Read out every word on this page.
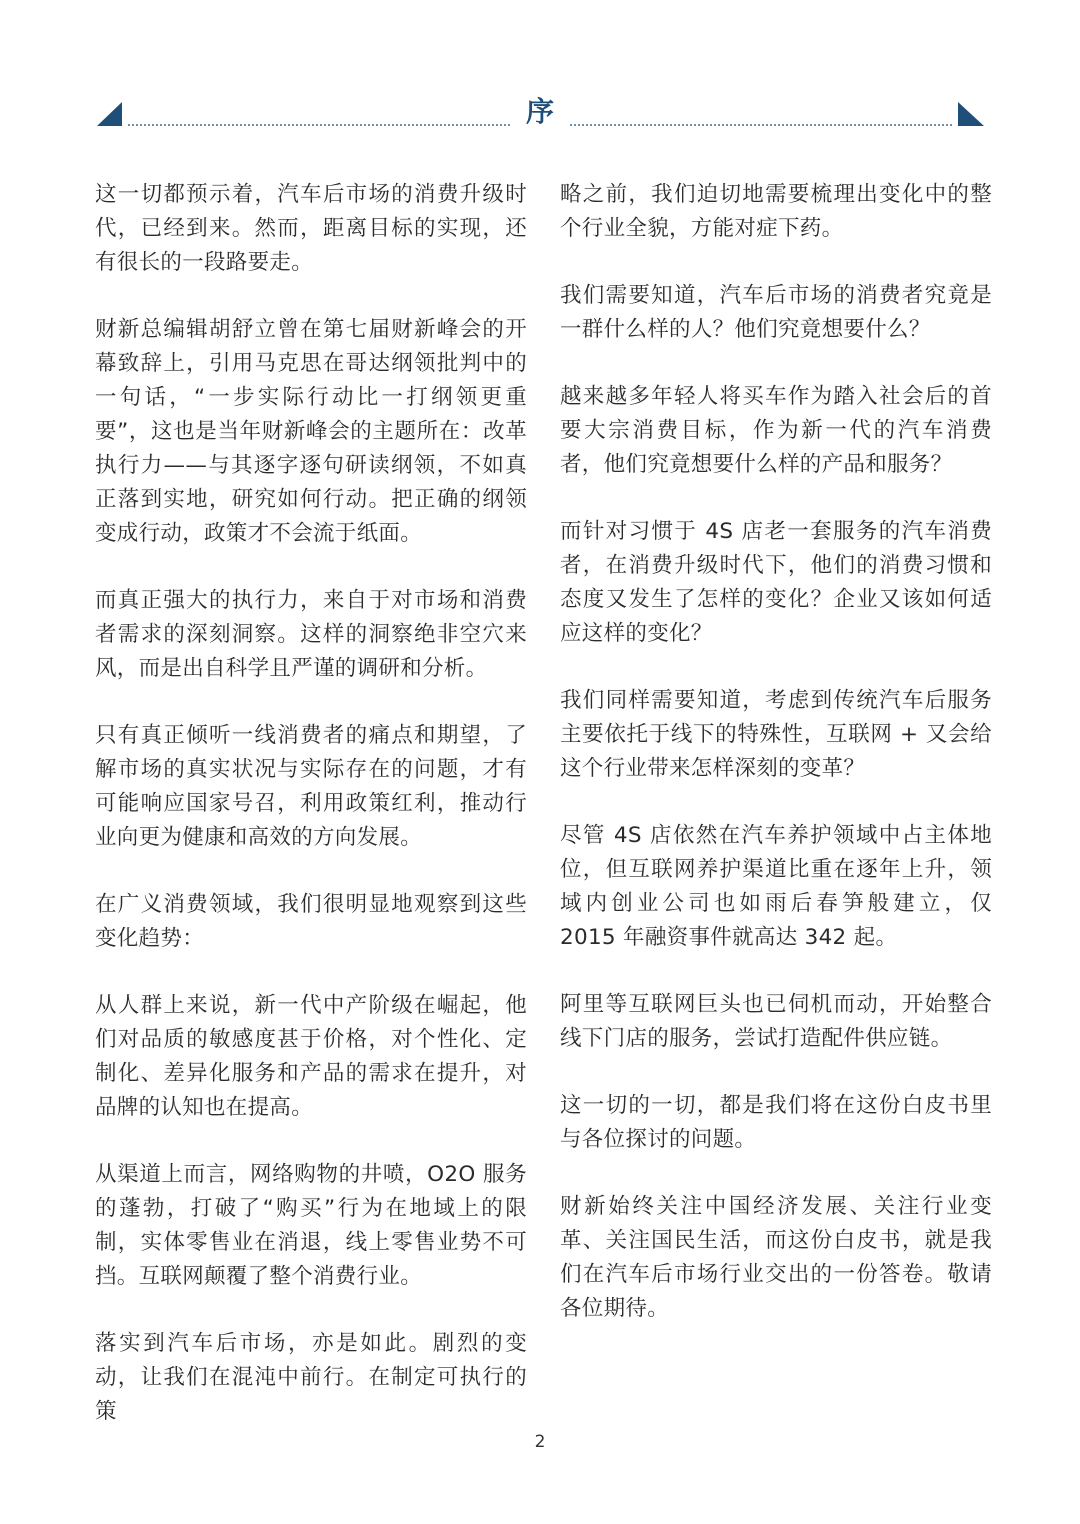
序

这一切都预示着，汽车后市场的消费升级时代，已经到来。然而，距离目标的实现，还有很长的一段路要走。

财新总编辑胡舒立曾在第七届财新峰会的开幕致辞上，引用马克思在哥达纲领批判中的一句话，“一步实际行动比一打纲领更重要”，这也是当年财新峰会的主题所在：改革执行力——与其逐字逐句研读纲领，不如真正落到实地，研究如何行动。把正确的纲领变成行动，政策才不会流于纸面。

而真正强大的执行力，来自于对市场和消费者需求的深刻洞察。这样的洞察绝非空穴来风，而是出自科学且严谨的调研和分析。

只有真正倾听一线消费者的痛点和期望，了解市场的真实状况与实际存在的问题，才有可能响应国家号召，利用政策红利，推动行业向更为健康和高效的方向发展。

在广义消费领域，我们很明显地观察到这些变化趋势：

从人群上来说，新一代中产阶级在崛起，他们对品质的敏感度甚于价格，对个性化、定制化、差异化服务和产品的需求在提升，对品牌的认知也在提高。

从渠道上而言，网络购物的井喷，O2O 服务的蓬勃，打破了“购买”行为在地域上的限制，实体零售业在消退，线上零售业势不可挡。互联网颠覆了整个消费行业。

落实到汽车后市场，亦是如此。剧烈的变动，让我们在混沌中前行。在制定可执行的策

略之前，我们迫切地需要梳理出变化中的整个行业全貌，方能对症下药。

我们需要知道，汽车后市场的消费者究竟是一群什么样的人？他们究竟想要什么？

越来越多年轻人将买车作为踏入社会后的首要大宗消费目标，作为新一代的汽车消费者，他们究竟想要什么样的产品和服务？

而针对习惯于 4S 店老一套服务的汽车消费者，在消费升级时代下，他们的消费习惯和态度又发生了怎样的变化？企业又该如何适应这样的变化？

我们同样需要知道，考虑到传统汽车后服务主要依托于线下的特殊性，互联网 + 又会给这个行业带来怎样深刻的变革？

尽管 4S 店依然在汽车养护领域中占主体地位，但互联网养护渠道比重在逐年上升，领域内创业公司也如雨后春笋般建立，仅 2015 年融资事件就高达 342 起。

阿里等互联网巨头也已伺机而动，开始整合线下门店的服务，尝试打造配件供应链。

这一切的一切，都是我们将在这份白皮书里与各位探讨的问题。

财新始终关注中国经济发展、关注行业变革、关注国民生活，而这份白皮书，就是我们在汽车后市场行业交出的一份答卷。敬请各位期待。

2
